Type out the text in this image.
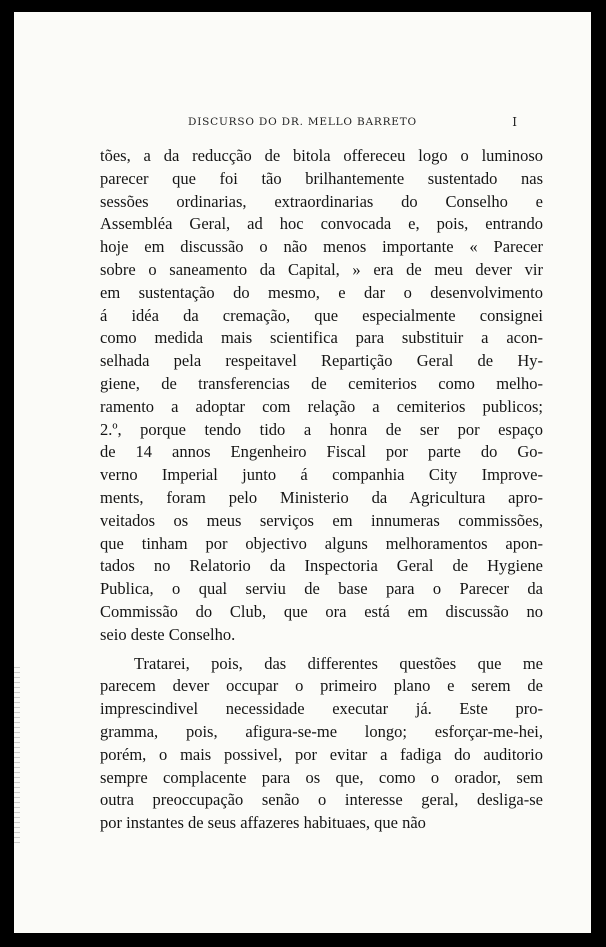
DISCURSO DO DR. MELLO BARRETO	I
tões, a da reducção de bitola offereceu logo o luminoso
parecer que foi tão brilhantemente sustentado nas
sessões ordinarias, extraordinarias do Conselho e
Assembléa Geral, ad hoc convocada e, pois, entrando
hoje em discussão o não menos importante « Parecer
sobre o saneamento da Capital, » era de meu dever vir
em sustentação do mesmo, e dar o desenvolvimento
á idéa da cremação, que especialmente consignei
como medida mais scientifica para substituir a acon-
selhada pela respeitavel Repartição Geral de Hy-
giene, de transferencias de cemiterios como melho-
ramento a adoptar com relação a cemiterios publicos;
2.º, porque tendo tido a honra de ser por espaço
de 14 annos Engenheiro Fiscal por parte do Go-
verno Imperial junto á companhia City Improve-
ments, foram pelo Ministerio da Agricultura apro-
veitados os meus serviços em innumeras commissões,
que tinham por objectivo alguns melhoramentos apon-
tados no Relatorio da Inspectoria Geral de Hygiene
Publica, o qual serviu de base para o Parecer da
Commissão do Club, que ora está em discussão no
seio deste Conselho.
Tratarei, pois, das differentes questões que me
parecem dever occupar o primeiro plano e serem de
imprescindivel necessidade executar já. Este pro-
gramma, pois, afigura-se-me longo; esforçar-me-hei,
porém, o mais possivel, por evitar a fadiga do auditorio
sempre complacente para os que, como o orador, sem
outra preoccupação senão o interesse geral, desliga-se
por instantes de seus affazeres habituaes, que não
